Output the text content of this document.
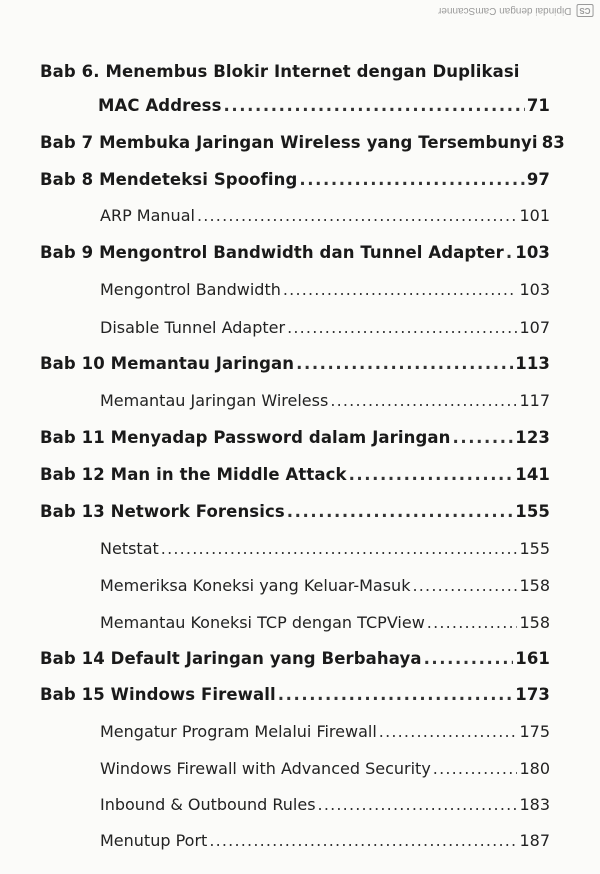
CS
Dipindai dengan CamScanner
Bab 6. Menembus Blokir Internet dengan Duplikasi
MAC Address .....	71
Bab 7 Membuka Jaringan Wireless yang Tersembunyi 83
Bab 8 Mendeteksi Spoofing .....	97
ARP Manual .....	101
Bab 9 Mengontrol Bandwidth dan Tunnel Adapter ..... 103
Mengontrol Bandwidth .....	103
Disable Tunnel Adapter .....	107
Bab 10 Memantau Jaringan .....	113
Memantau Jaringan Wireless .....	117
Bab 11 Menyadap Password dalam Jaringan .....	123
Bab 12 Man in the Middle Attack .....	141
Bab 13 Network Forensics .....	155
Netstat .....	155
Memeriksa Koneksi yang Keluar-Masuk .....	158
Memantau Koneksi TCP dengan TCPView .....	158
Bab 14 Default Jaringan yang Berbahaya .....	161
Bab 15 Windows Firewall .....	173
Mengatur Program Melalui Firewall .....	175
Windows Firewall with Advanced Security .....	180
Inbound & Outbound Rules .....	183
Menutup Port .....	187
